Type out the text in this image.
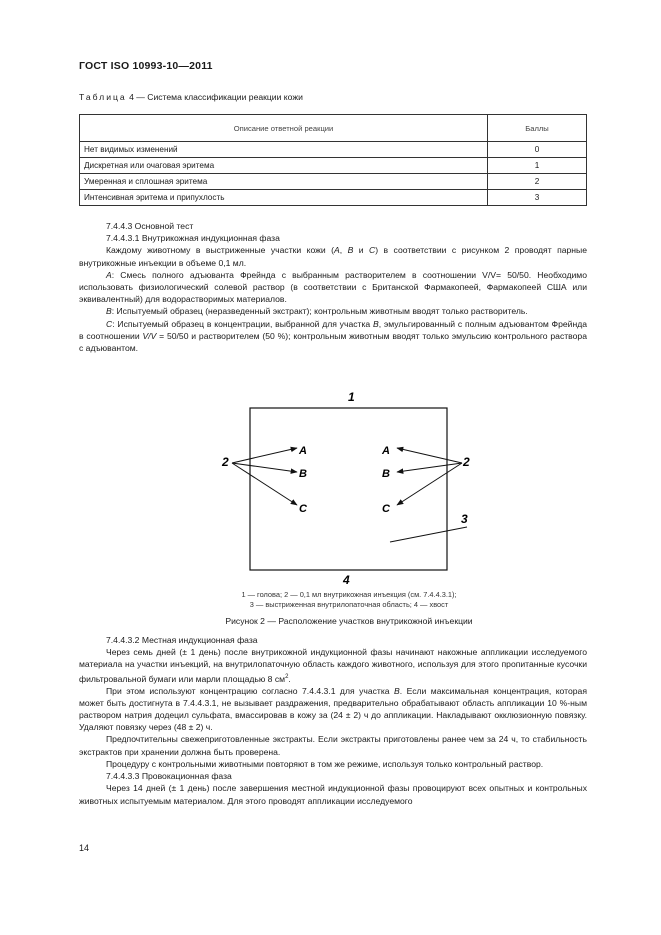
ГОСТ ISO 10993-10—2011
Таблица 4 — Система классификации реакции кожи
Описание ответной реакции	Баллы
Нет видимых изменений	0
Дискретная или очаговая эритема	1
Умеренная и сплошная эритема	2
Интенсивная эритема и припухлость	3

7.4.4.3 Основной тест

7.4.4.3.1 Внутрикожная индукционная фаза

Каждому животному в выстриженные участки кожи (A, B и C) в соответствии с рисунком 2 проводят парные внутрикожные инъекции в объеме 0,1 мл.

A: Смесь полного адъюванта Фрейнда с выбранным растворителем в соотношении V/V= 50/50. Необходимо использовать физиологический солевой раствор (в соответствии с Британской Фармакопеей, Фармакопеей США или эквивалентный) для водорастворимых материалов.

B: Испытуемый образец (неразведенный экстракт); контрольным животным вводят только растворитель.

C: Испытуемый образец в концентрации, выбранной для участка B, эмульгированный с полным адъювантом Фрейнда в соотношении V/V = 50/50 и растворителем (50 %); контрольным животным вводят только эмульсию контрольного раствора с адъювантом.

1
4
2	2
3
A
B
C
A
B
C
1 — голова; 2 — 0,1 мл внутрикожная инъекция (см. 7.4.4.3.1);
3 — выстриженная внутрилопаточная область; 4 — хвост
Рисунок 2 — Расположение участков внутрикожной инъекции

7.4.4.3.2 Местная индукционная фаза

Через семь дней (± 1 день) после внутрикожной индукционной фазы начинают накожные аппликации исследуемого материала на участки инъекций, на внутрилопаточную область каждого животного, используя для этого пропитанные кусочки фильтровальной бумаги или марли площадью 8 $см^2$.

При этом используют концентрацию согласно 7.4.4.3.1 для участка B. Если максимальная концентрация, которая может быть достигнута в 7.4.4.3.1, не вызывает раздражения, предварительно обрабатывают область аппликации 10 %-ным раствором натрия додецил сульфата, вмассировав в кожу за (24 ± 2) ч до аппликации. Накладывают окклюзионную повязку. Удаляют повязку через (48 ± 2) ч.

Предпочтительны свежеприготовленные экстракты. Если экстракты приготовлены ранее чем за 24 ч, то стабильность экстрактов при хранении должна быть проверена.

Процедуру с контрольными животными повторяют в том же режиме, используя только контрольный раствор.

7.4.4.3.3 Провокационная фаза

Через 14 дней (± 1 день) после завершения местной индукционной фазы провоцируют всех опытных и контрольных животных испытуемым материалом. Для этого проводят аппликации исследуемого

14
